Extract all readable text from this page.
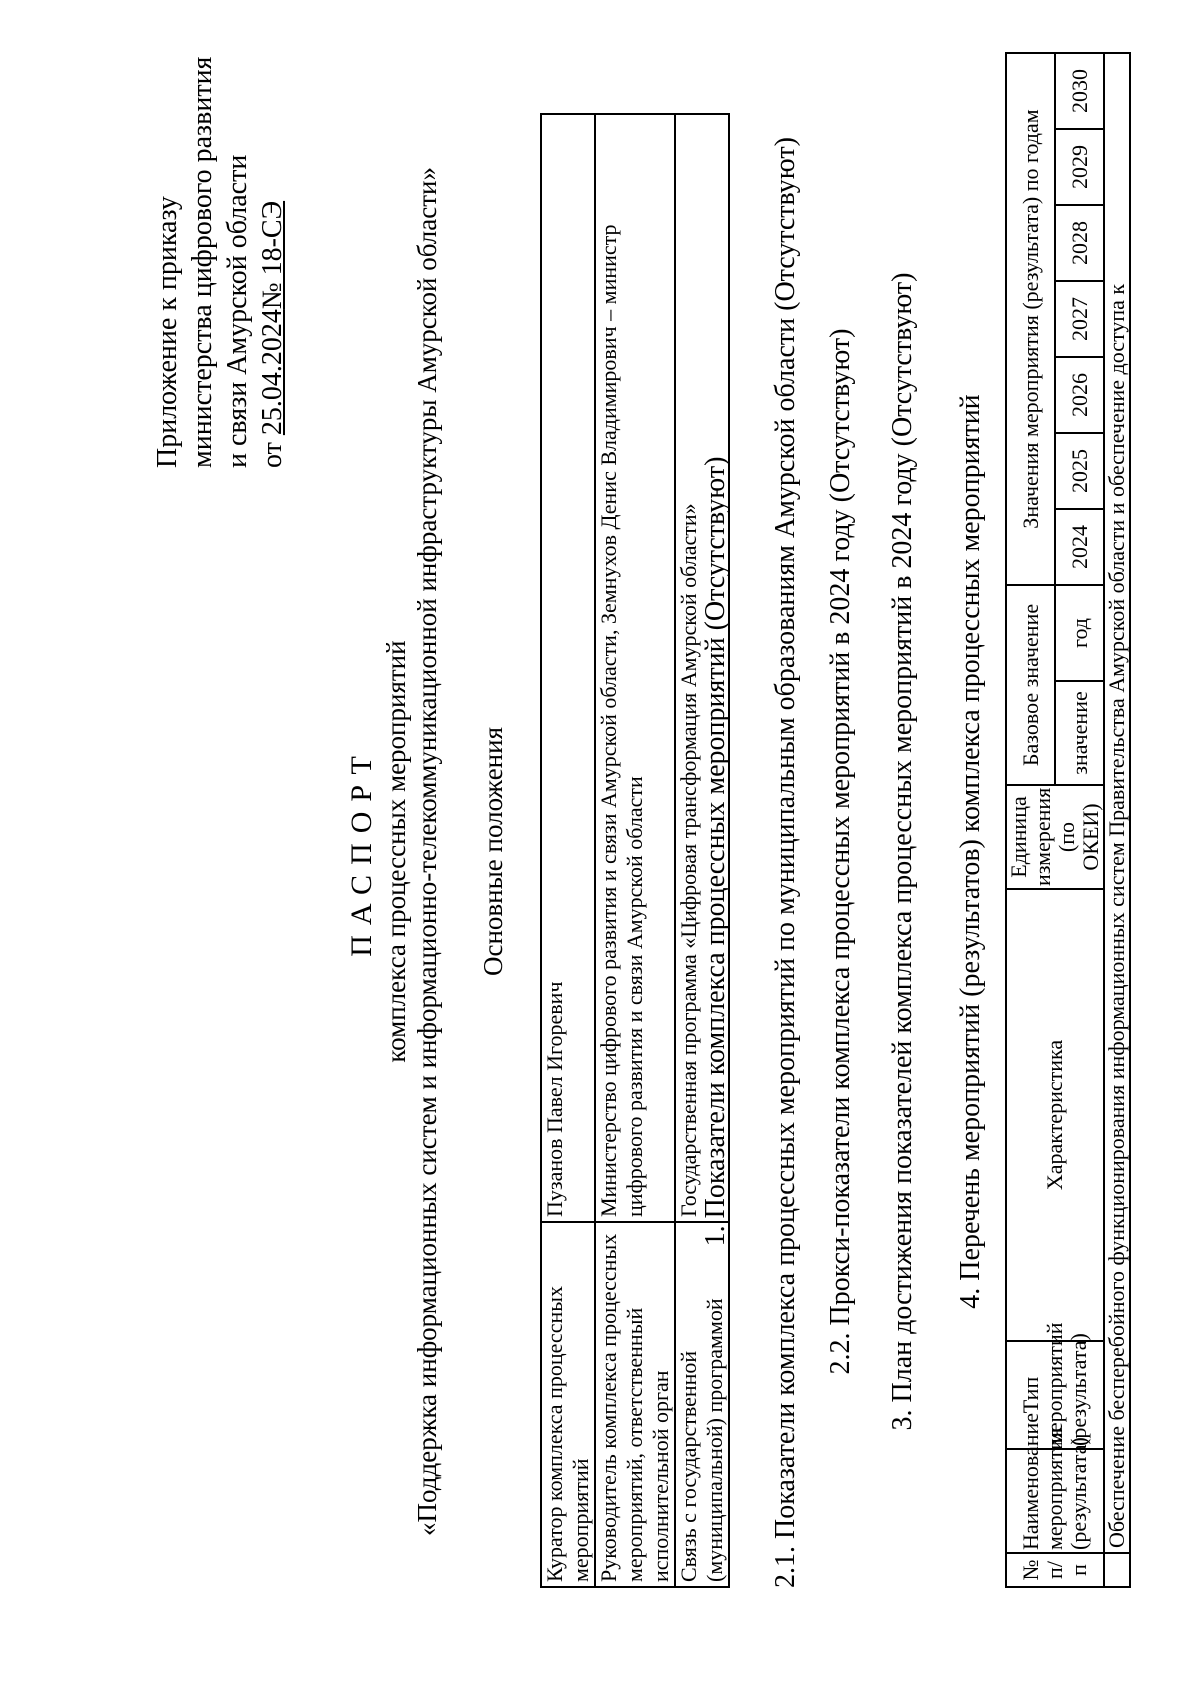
Приложение к приказу министерства цифрового развития и связи Амурской области от 25.04.2024№ 18-СЭ
ПАСПОРТ комплекса процессных мероприятий «Поддержка информационных систем и информационно-телекоммуникационной инфраструктуры Амурской области» Основные положения
Куратор комплекса процессных мероприятий	Пузанов Павел Игоревич
Руководитель комплекса процессных мероприятий, ответственный исполнительной орган	Министерство цифрового развития и связи Амурской области, Земнухов Денис Владимирович – министр цифрового развития и связи Амурской области
Связь с государственной (муниципальной) программой	Государственная программа «Цифровая трансформация Амурской области» 1. Показатели комплекса процессных мероприятий (Отсутствуют) 2.1. Показатели комплекса процессных мероприятий по муниципальным образованиям Амурской области (Отсутствуют) 2.2. Прокси-показатели комплекса процессных мероприятий в 2024 году (Отсутствуют) 3. План достижения показателей комплекса процессных мероприятий в 2024 году (Отсутствуют) 4. Перечень мероприятий (результатов) комплекса процессных мероприятий
№ п/п	Наименование мероприятия (результата)	Тип мероприятий (результата)	Характеристика	Единица измерения (по ОКЕИ)	Базовое значение		Значения мероприятия (результата) по годам						
					значение	год	2024	2025	2026	2027	2028	2029	2030
	Обеспечение бесперебойного функционирования информационных систем Правительства Амурской области и обеспечение доступа к												
